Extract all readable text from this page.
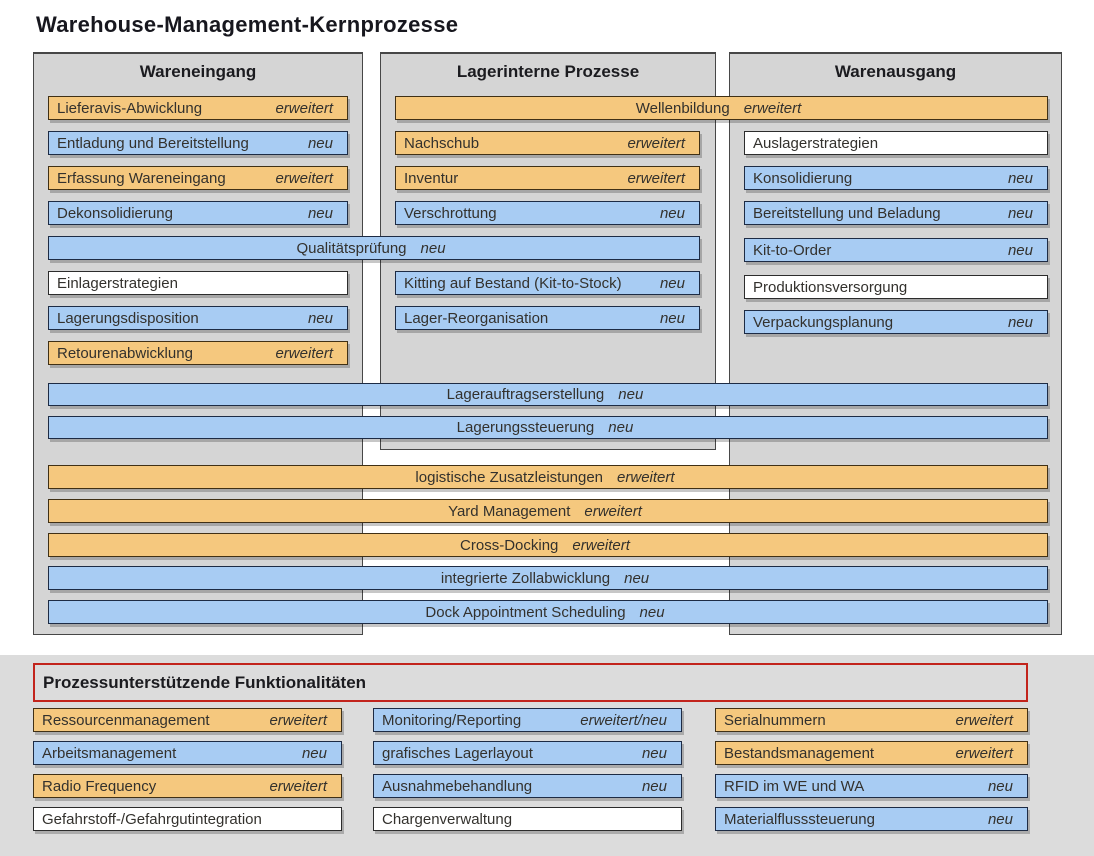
Warehouse-Management-Kernprozesse
Wareneingang	Lagerinterne Prozesse	Warenausgang
Lieferavis-Abwicklung	erweitert
Entladung und Bereitstellung	neu
Erfassung Wareneingang	erweitert
Dekonsolidierung	neu
Einlagerstrategien
Lagerungsdisposition	neu
Retourenabwicklung	erweitert
Nachschub	erweitert
Inventur	erweitert
Verschrottung	neu
Kitting auf Bestand (Kit-to-Stock)	neu
Lager-Reorganisation	neu
Auslagerstrategien
Konsolidierung	neu
Bereitstellung und Beladung	neu
Kit-to-Order	neu
Produktionsversorgung
Verpackungsplanung	neu
Wellenbildung erweitert
Qualitätsprüfung neu
Lagerauftragserstellung neu
Lagerungssteuerung neu
logistische Zusatzleistungen erweitert
Yard Management erweitert
Cross-Docking erweitert
integrierte Zollabwicklung neu
Dock Appointment Scheduling neu
Prozessunterstützende Funktionalitäten
Ressourcenmanagement	erweitert
Arbeitsmanagement	neu
Radio Frequency	erweitert
Gefahrstoff-/Gefahrgutintegration
Monitoring/Reporting	erweitert/neu
grafisches Lagerlayout	neu
Ausnahmebehandlung	neu
Chargenverwaltung
Serialnummern	erweitert
Bestandsmanagement	erweitert
RFID im WE und WA	neu
Materialflusssteuerung	neu
